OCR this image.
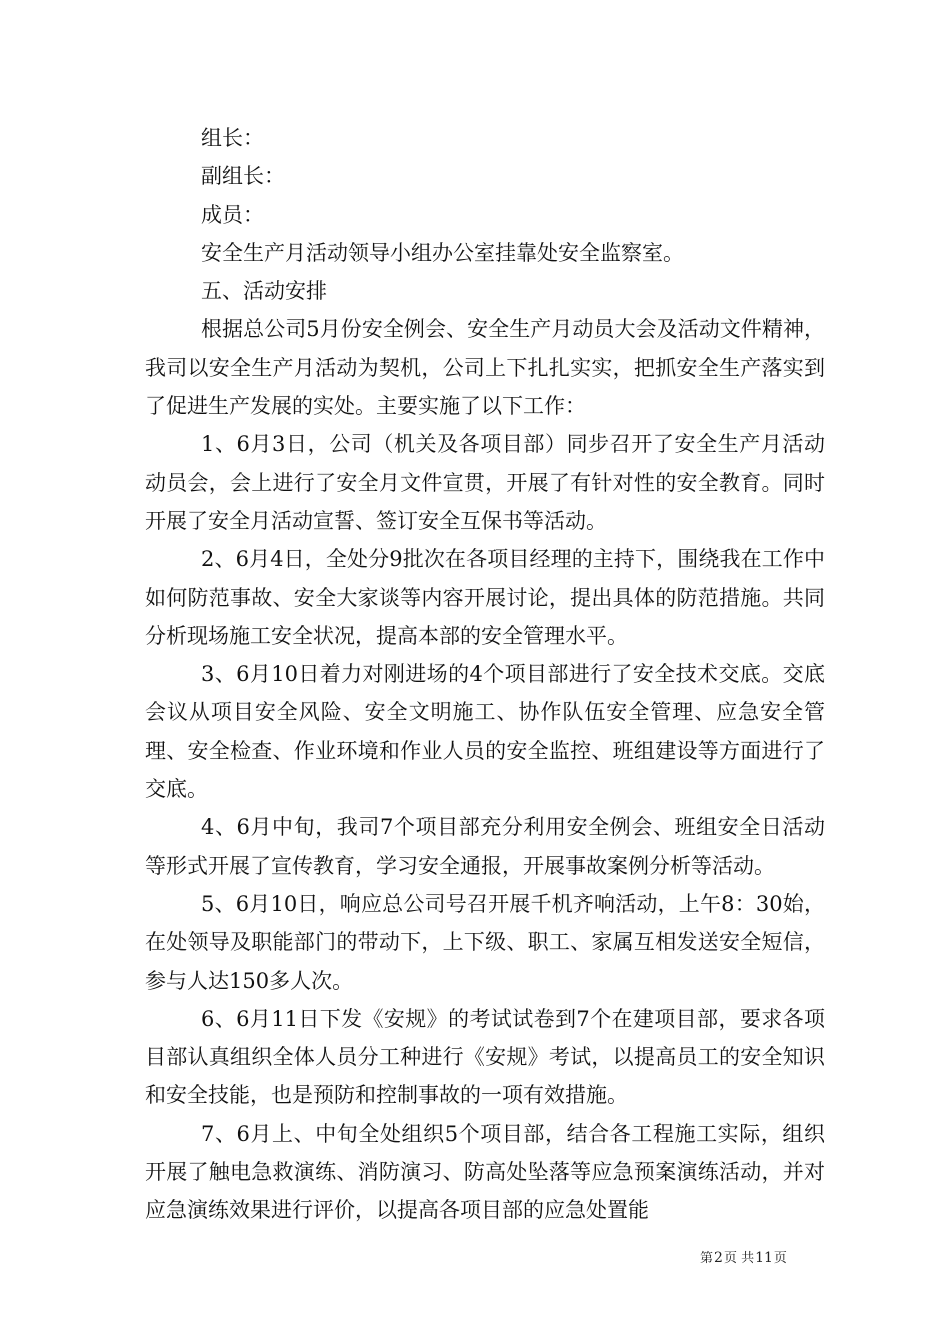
组长：

副组长：

成员：

安全生产月活动领导小组办公室挂靠处安全监察室。

五、活动安排

根据总公司5月份安全例会、安全生产月动员大会及活动文件精神，我司以安全生产月活动为契机，公司上下扎扎实实，把抓安全生产落实到了促进生产发展的实处。主要实施了以下工作：

1、6月3日，公司（机关及各项目部）同步召开了安全生产月活动动员会，会上进行了安全月文件宣贯，开展了有针对性的安全教育。同时开展了安全月活动宣誓、签订安全互保书等活动。

2、6月4日，全处分9批次在各项目经理的主持下，围绕我在工作中如何防范事故、安全大家谈等内容开展讨论，提出具体的防范措施。共同分析现场施工安全状况，提高本部的安全管理水平。

3、6月10日着力对刚进场的4个项目部进行了安全技术交底。交底会议从项目安全风险、安全文明施工、协作队伍安全管理、应急安全管理、安全检查、作业环境和作业人员的安全监控、班组建设等方面进行了交底。

4、6月中旬，我司7个项目部充分利用安全例会、班组安全日活动等形式开展了宣传教育，学习安全通报，开展事故案例分析等活动。

5、6月10日，响应总公司号召开展千机齐响活动，上午8：30始，在处领导及职能部门的带动下，上下级、职工、家属互相发送安全短信，参与人达150多人次。

6、6月11日下发《安规》的考试试卷到7个在建项目部，要求各项目部认真组织全体人员分工种进行《安规》考试，以提高员工的安全知识和安全技能，也是预防和控制事故的一项有效措施。

7、6月上、中旬全处组织5个项目部，结合各工程施工实际，组织开展了触电急救演练、消防演习、防高处坠落等应急预案演练活动，并对应急演练效果进行评价，以提高各项目部的应急处置能

第2页 共11页
